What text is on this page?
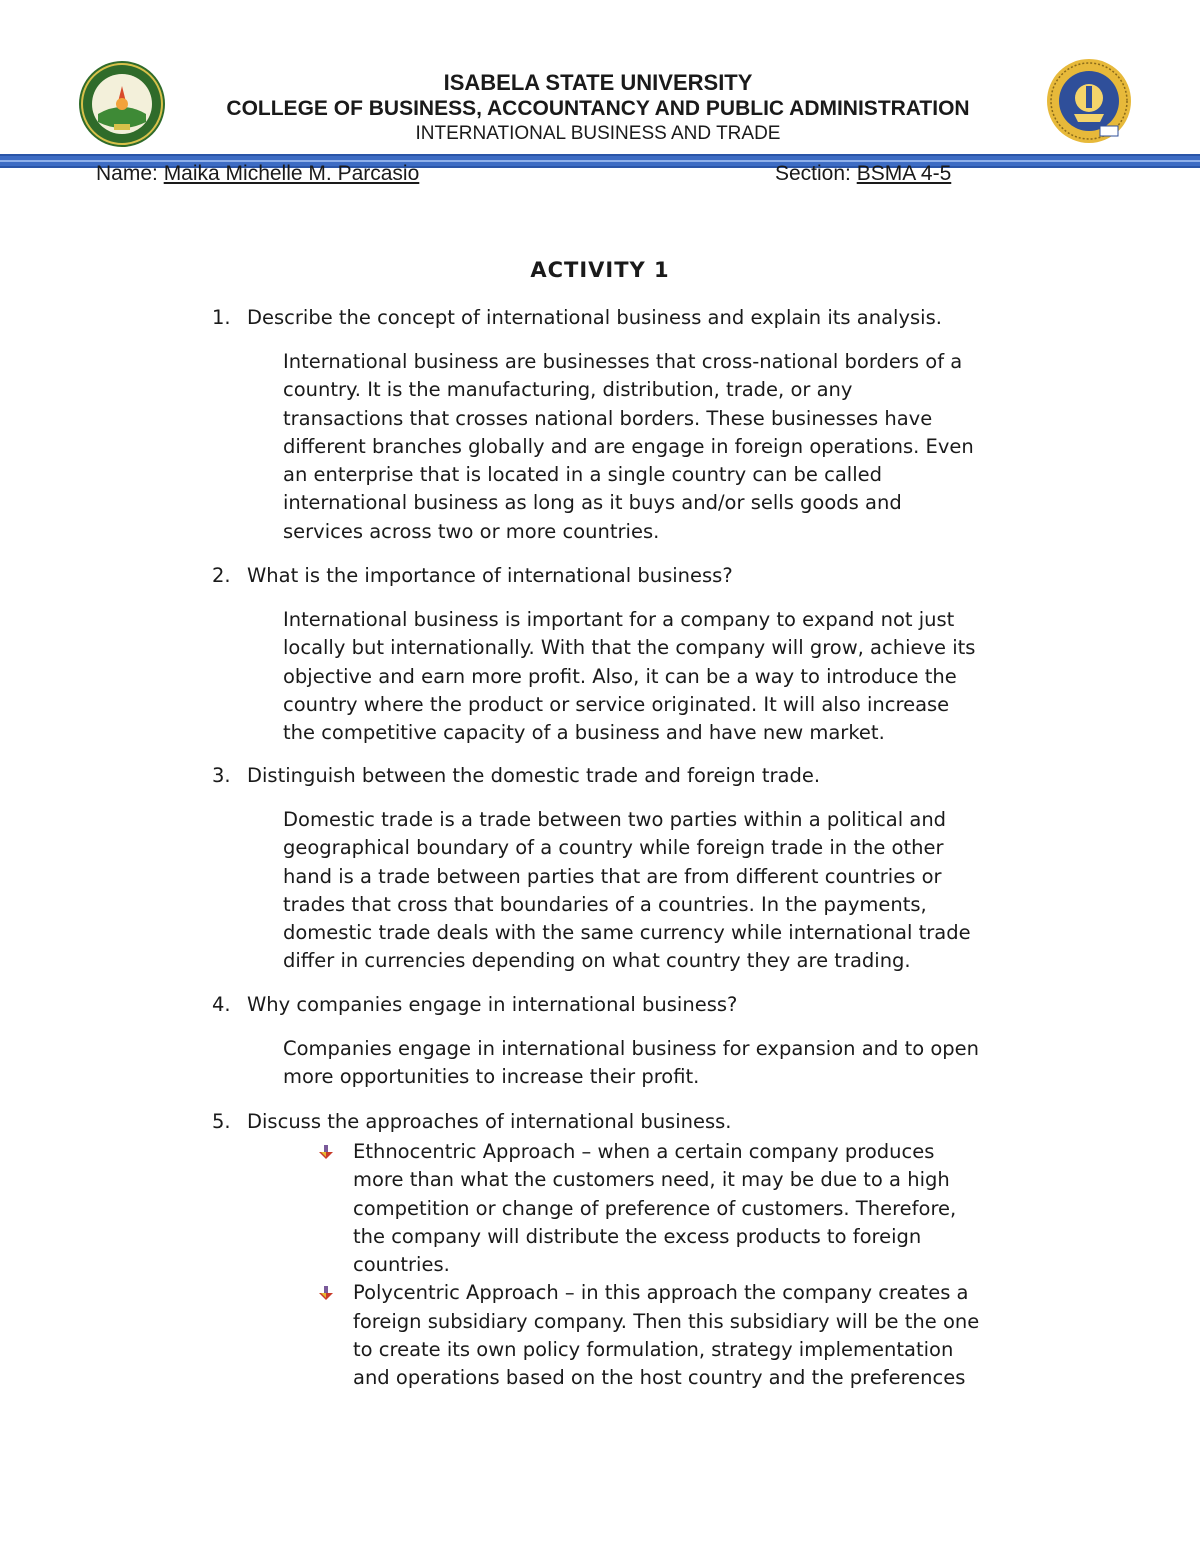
ISABELA STATE UNIVERSITY
COLLEGE OF BUSINESS, ACCOUNTANCY AND PUBLIC ADMINISTRATION
INTERNATIONAL BUSINESS AND TRADE
Name: Maika Michelle M. Parcasio	Section: BSMA 4-5
ACTIVITY 1
1. Describe the concept of international business and explain its analysis.

International business are businesses that cross-national borders of a

country. It is the manufacturing, distribution, trade, or any

transactions that crosses national borders. These businesses have

different branches globally and are engage in foreign operations. Even

an enterprise that is located in a single country can be called

international business as long as it buys and/or sells goods and

services across two or more countries.

2. What is the importance of international business?

International business is important for a company to expand not just

locally but internationally. With that the company will grow, achieve its

objective and earn more profit. Also, it can be a way to introduce the

country where the product or service originated. It will also increase

the competitive capacity of a business and have new market.

3. Distinguish between the domestic trade and foreign trade.

Domestic trade is a trade between two parties within a political and

geographical boundary of a country while foreign trade in the other

hand is a trade between parties that are from different countries or

trades that cross that boundaries of a countries. In the payments,

domestic trade deals with the same currency while international trade

differ in currencies depending on what country they are trading.

4. Why companies engage in international business?

Companies engage in international business for expansion and to open

more opportunities to increase their profit.

5. Discuss the approaches of international business.
Ethnocentric Approach – when a certain company produces
more than what the customers need, it may be due to a high
competition or change of preference of customers. Therefore,
the company will distribute the excess products to foreign
countries.
Polycentric Approach – in this approach the company creates a
foreign subsidiary company. Then this subsidiary will be the one
to create its own policy formulation, strategy implementation
and operations based on the host country and the preferences
